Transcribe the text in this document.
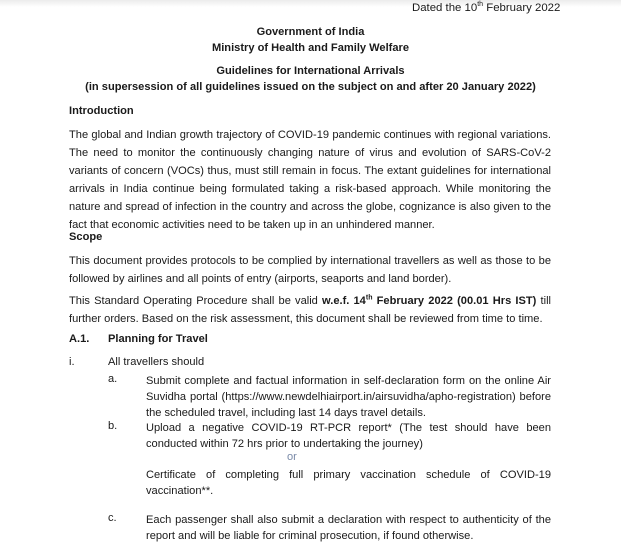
Dated the 10th February 2022
Government of India
Ministry of Health and Family Welfare
Guidelines for International Arrivals
(in supersession of all guidelines issued on the subject on and after 20 January 2022)
Introduction
The global and Indian growth trajectory of COVID-19 pandemic continues with regional variations. The need to monitor the continuously changing nature of virus and evolution of SARS-CoV-2 variants of concern (VOCs) thus, must still remain in focus. The extant guidelines for international arrivals in India continue being formulated taking a risk-based approach. While monitoring the nature and spread of infection in the country and across the globe, cognizance is also given to the fact that economic activities need to be taken up in an unhindered manner.
Scope
This document provides protocols to be complied by international travellers as well as those to be followed by airlines and all points of entry (airports, seaports and land border).
This Standard Operating Procedure shall be valid w.e.f. 14th February 2022 (00.01 Hrs IST) till further orders. Based on the risk assessment, this document shall be reviewed from time to time.
A.1. Planning for Travel
i.	All travellers should
a.	Submit complete and factual information in self-declaration form on the online Air Suvidha portal (https://www.newdelhiairport.in/airsuvidha/apho-registration) before the scheduled travel, including last 14 days travel details.
b.	Upload a negative COVID-19 RT-PCR report* (The test should have been conducted within 72 hrs prior to undertaking the journey)
or
Certificate of completing full primary vaccination schedule of COVID-19 vaccination**.
c.	Each passenger shall also submit a declaration with respect to authenticity of the report and will be liable for criminal prosecution, if found otherwise.
